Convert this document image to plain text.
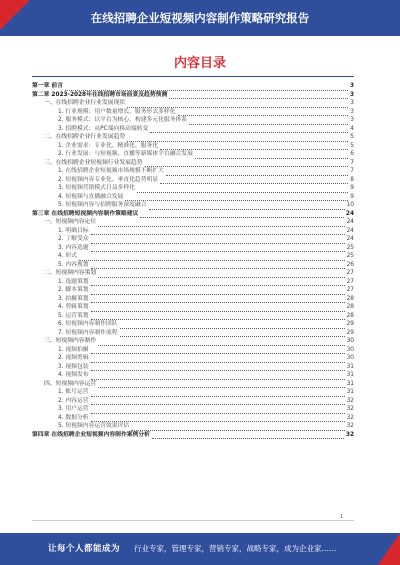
在线招聘企业短视频内容制作策略研究报告
内容目录
第一章 前言	3
第二章 2023-2028年在线招聘市场前景及趋势预测	3
一、在线招聘企业行业发展现状	3
1. 行业规模：用户数量增长，服务形式多样化	3
2. 服务模式：以平台为核心，构建多元化服务体系	3
3. 招聘模式：从PC端向移动端转变	4
二、在线招聘企业行业发展趋势	5
1. 企业需求：专业化、精准化、服务化	5
2. 行业发展：与短视频、直播等新媒体平台融合发展	6
三、在线招聘企业短视频行业发展趋势	7
1. 在线招聘企业短视频市场规模不断扩大	7
2. 短视频内容专业化、垂直化趋势明显	8
3. 短视频营销模式日益多样化	9
4. 短视频与直播融合发展	9
5. 短视频内容与招聘服务深度融合	10
第三章 在线招聘短视频内容制作策略建议	24
一、短视频内容定位	24
1. 明确目标	24
2. 了解受众	24
3. 内容选题	25
4. 形式	25
5. 内容规划	26
二、短视频内容策划	27
1. 选题策划	27
2. 脚本策划	27
3. 拍摄策划	28
4. 剪辑策划	28
5. 运营策划	28
6. 短视频内容制作团队	29
7. 短视频内容制作流程	29
三、短视频内容制作	30
1. 视频拍摄	30
2. 视频剪辑	30
3. 视频包装	31
4. 视频发布	31
四、短视频内容运营	31
1. 账号运营	31
2. 内容运营	32
3. 用户运营	32
4. 数据分析	32
5. 短视频内容运营效果评估	32
第四章 在线招聘企业短视频内容制作案例分析	32
1
让每个人都能成为 行业专家，管理专家，营销专家，战略专家，成为企业家……
